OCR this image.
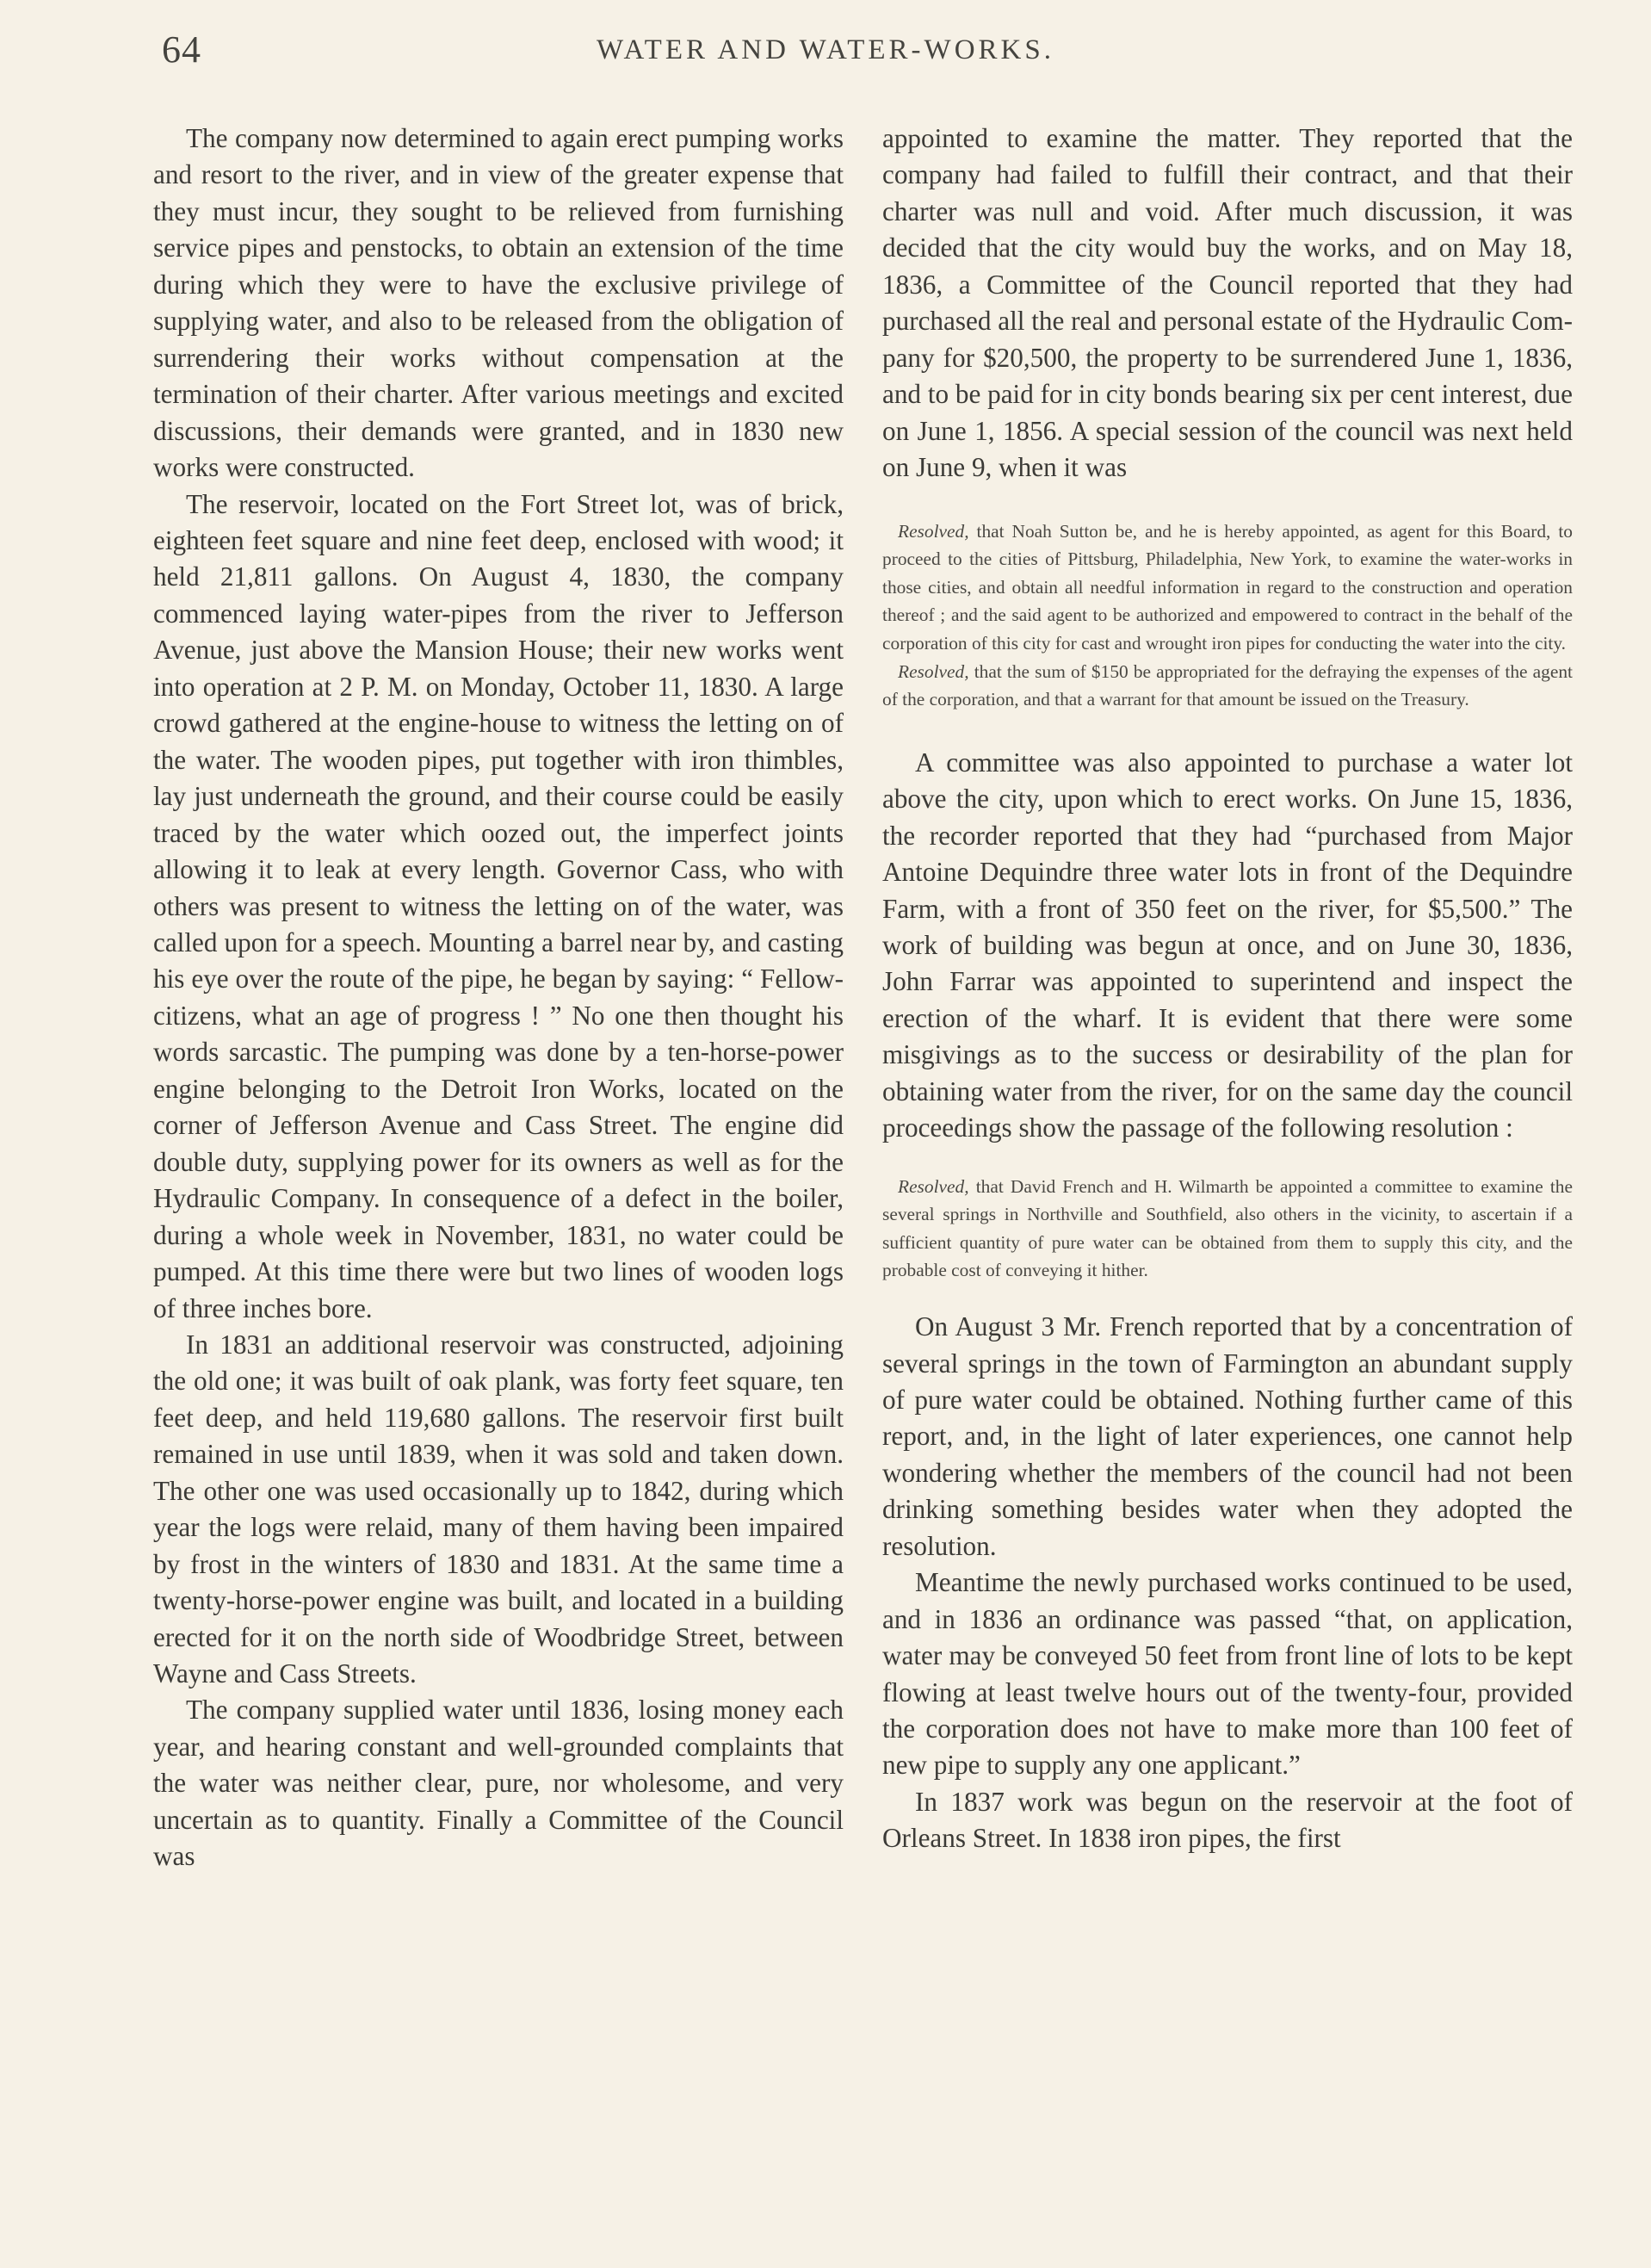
64	WATER AND WATER-WORKS.

The company now determined to again erect pumping works and resort to the river, and in view of the greater expense that they must incur, they sought to be relieved from furnishing service pipes and penstocks, to obtain an extension of the time during which they were to have the exclusive privilege of supplying water, and also to be released from the obligation of surrendering their works without compensation at the termination of their charter. After various meetings and excited discussions, their demands were granted, and in 1830 new works were constructed.

The reservoir, located on the Fort Street lot, was of brick, eighteen feet square and nine feet deep, enclosed with wood; it held 21,811 gallons. On August 4, 1830, the company commenced laying water-pipes from the river to Jefferson Avenue, just above the Mansion House; their new works went into operation at 2 P. M. on Monday, October 11, 1830. A large crowd gathered at the engine-house to witness the letting on of the water. The wooden pipes, put together with iron thimbles, lay just underneath the ground, and their course could be easily traced by the water which oozed out, the imperfect joints allowing it to leak at every length. Governor Cass, who with others was present to witness the letting on of the water, was called upon for a speech. Mounting a barrel near by, and casting his eye over the route of the pipe, he began by saying: “ Fellow-citizens, what an age of progress ! ” No one then thought his words sarcastic. The pumping was done by a ten-horse-power engine belonging to the Detroit Iron Works, located on the corner of Jefferson Avenue and Cass Street. The engine did double duty, supplying power for its owners as well as for the Hydraulic Company. In consequence of a defect in the boiler, during a whole week in November, 1831, no water could be pumped. At this time there were but two lines of wooden logs of three inches bore.

In 1831 an additional reservoir was constructed, adjoining the old one; it was built of oak plank, was forty feet square, ten feet deep, and held 119,680 gallons. The reservoir first built remained in use until 1839, when it was sold and taken down. The other one was used occasionally up to 1842, during which year the logs were relaid, many of them having been impaired by frost in the winters of 1830 and 1831. At the same time a twenty-horse-power engine was built, and located in a building erected for it on the north side of Woodbridge Street, between Wayne and Cass Streets.

The company supplied water until 1836, losing money each year, and hearing constant and well-grounded complaints that the water was neither clear, pure, nor wholesome, and very uncertain as to quantity. Finally a Committee of the Council was

appointed to examine the matter. They reported that the company had failed to fulfill their contract, and that their charter was null and void. After much discussion, it was decided that the city would buy the works, and on May 18, 1836, a Committee of the Council reported that they had purchased all the real and personal estate of the Hydraulic Company for $20,500, the property to be surrendered June 1, 1836, and to be paid for in city bonds bearing six per cent interest, due on June 1, 1856. A special session of the council was next held on June 9, when it was

Resolved, that Noah Sutton be, and he is hereby appointed, as agent for this Board, to proceed to the cities of Pittsburg, Philadelphia, New York, to examine the water-works in those cities, and obtain all needful information in regard to the construction and operation thereof ; and the said agent to be authorized and empowered to contract in the behalf of the corporation of this city for cast and wrought iron pipes for conducting the water into the city.

Resolved, that the sum of $150 be appropriated for the defraying the expenses of the agent of the corporation, and that a warrant for that amount be issued on the Treasury.

A committee was also appointed to purchase a water lot above the city, upon which to erect works. On June 15, 1836, the recorder reported that they had “purchased from Major Antoine Dequindre three water lots in front of the Dequindre Farm, with a front of 350 feet on the river, for $5,500.” The work of building was begun at once, and on June 30, 1836, John Farrar was appointed to superintend and inspect the erection of the wharf. It is evident that there were some misgivings as to the success or desirability of the plan for obtaining water from the river, for on the same day the council proceedings show the passage of the following resolution :

Resolved, that David French and H. Wilmarth be appointed a committee to examine the several springs in Northville and Southfield, also others in the vicinity, to ascertain if a sufficient quantity of pure water can be obtained from them to supply this city, and the probable cost of conveying it hither.

On August 3 Mr. French reported that by a concentration of several springs in the town of Farmington an abundant supply of pure water could be obtained. Nothing further came of this report, and, in the light of later experiences, one cannot help wondering whether the members of the council had not been drinking something besides water when they adopted the resolution.

Meantime the newly purchased works continued to be used, and in 1836 an ordinance was passed “that, on application, water may be conveyed 50 feet from front line of lots to be kept flowing at least twelve hours out of the twenty-four, provided the corporation does not have to make more than 100 feet of new pipe to supply any one applicant.”

In 1837 work was begun on the reservoir at the foot of Orleans Street. In 1838 iron pipes, the first
